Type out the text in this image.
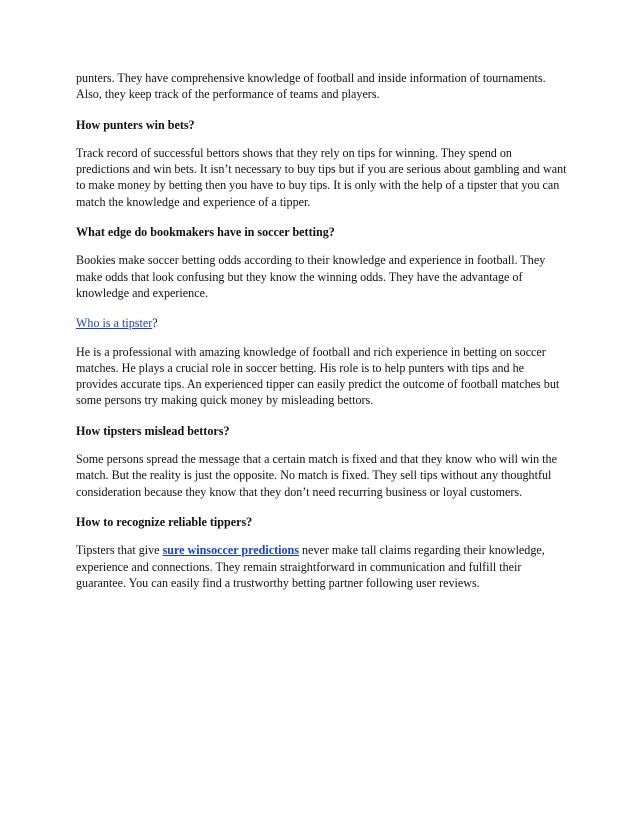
punters. They have comprehensive knowledge of football and inside information of tournaments. Also, they keep track of the performance of teams and players.

How punters win bets?

Track record of successful bettors shows that they rely on tips for winning. They spend on predictions and win bets. It isn’t necessary to buy tips but if you are serious about gambling and want to make money by betting then you have to buy tips. It is only with the help of a tipster that you can match the knowledge and experience of a tipper.

What edge do bookmakers have in soccer betting?

Bookies make soccer betting odds according to their knowledge and experience in football. They make odds that look confusing but they know the winning odds. They have the advantage of knowledge and experience.

Who is a tipster?

He is a professional with amazing knowledge of football and rich experience in betting on soccer matches. He plays a crucial role in soccer betting. His role is to help punters with tips and he provides accurate tips. An experienced tipper can easily predict the outcome of football matches but some persons try making quick money by misleading bettors.

How tipsters mislead bettors?

Some persons spread the message that a certain match is fixed and that they know who will win the match. But the reality is just the opposite. No match is fixed. They sell tips without any thoughtful consideration because they know that they don’t need recurring business or loyal customers.

How to recognize reliable tippers?

Tipsters that give sure winsoccer predictions never make tall claims regarding their knowledge, experience and connections. They remain straightforward in communication and fulfill their guarantee. You can easily find a trustworthy betting partner following user reviews.
